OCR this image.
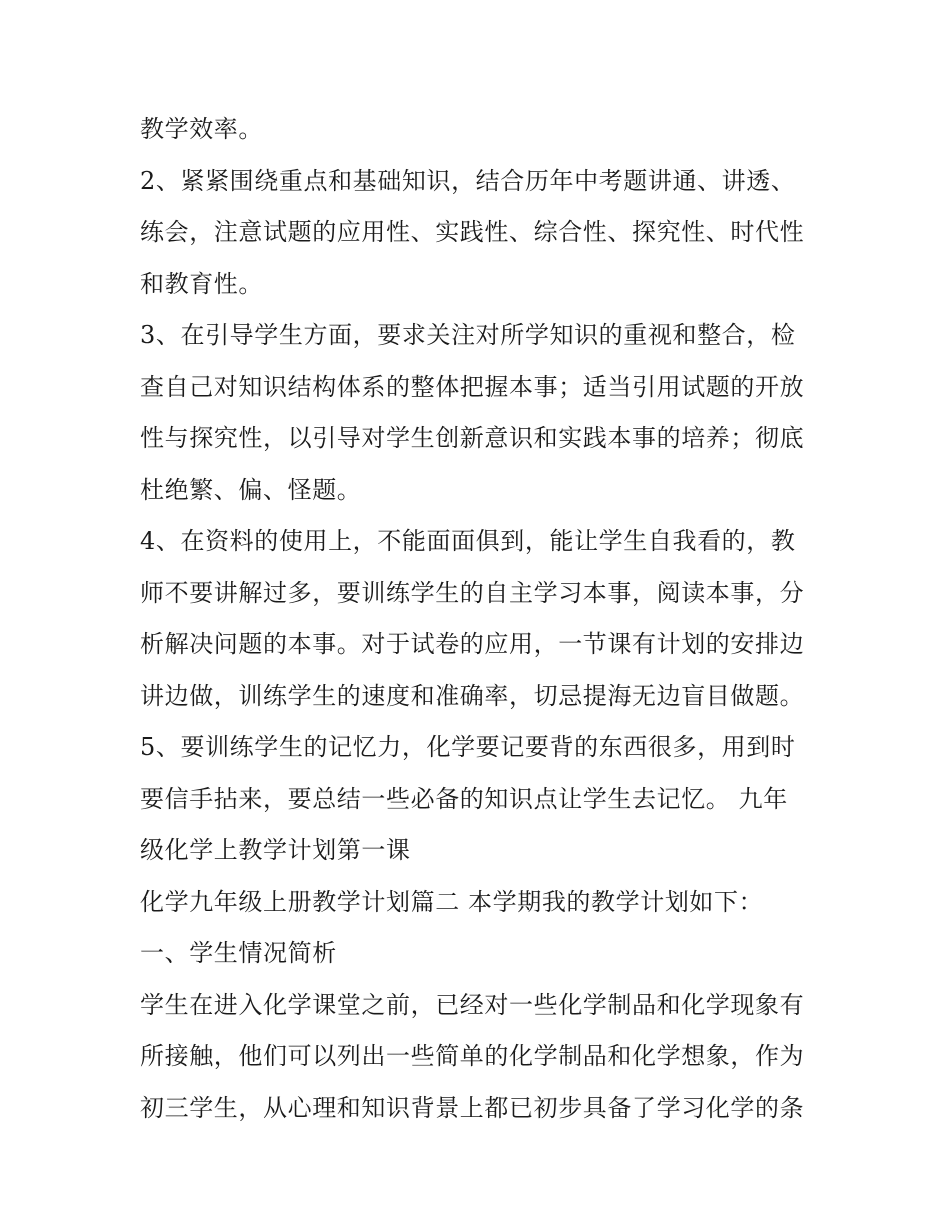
教学效率。
2、紧紧围绕重点和基础知识，结合历年中考题讲通、讲透、
练会，注意试题的应用性、实践性、综合性、探究性、时代性
和教育性。
3、在引导学生方面，要求关注对所学知识的重视和整合，检
查自己对知识结构体系的整体把握本事；适当引用试题的开放
性与探究性，以引导对学生创新意识和实践本事的培养；彻底
杜绝繁、偏、怪题。
4、在资料的使用上，不能面面俱到，能让学生自我看的，教
师不要讲解过多，要训练学生的自主学习本事，阅读本事，分
析解决问题的本事。对于试卷的应用，一节课有计划的安排边
讲边做，训练学生的速度和准确率，切忌提海无边盲目做题。
5、要训练学生的记忆力，化学要记要背的东西很多，用到时
要信手拈来，要总结一些必备的知识点让学生去记忆。 九年
级化学上教学计划第一课
化学九年级上册教学计划篇二 本学期我的教学计划如下：
一、学生情况简析
学生在进入化学课堂之前，已经对一些化学制品和化学现象有
所接触，他们可以列出一些简单的化学制品和化学想象，作为
初三学生，从心理和知识背景上都已初步具备了学习化学的条
